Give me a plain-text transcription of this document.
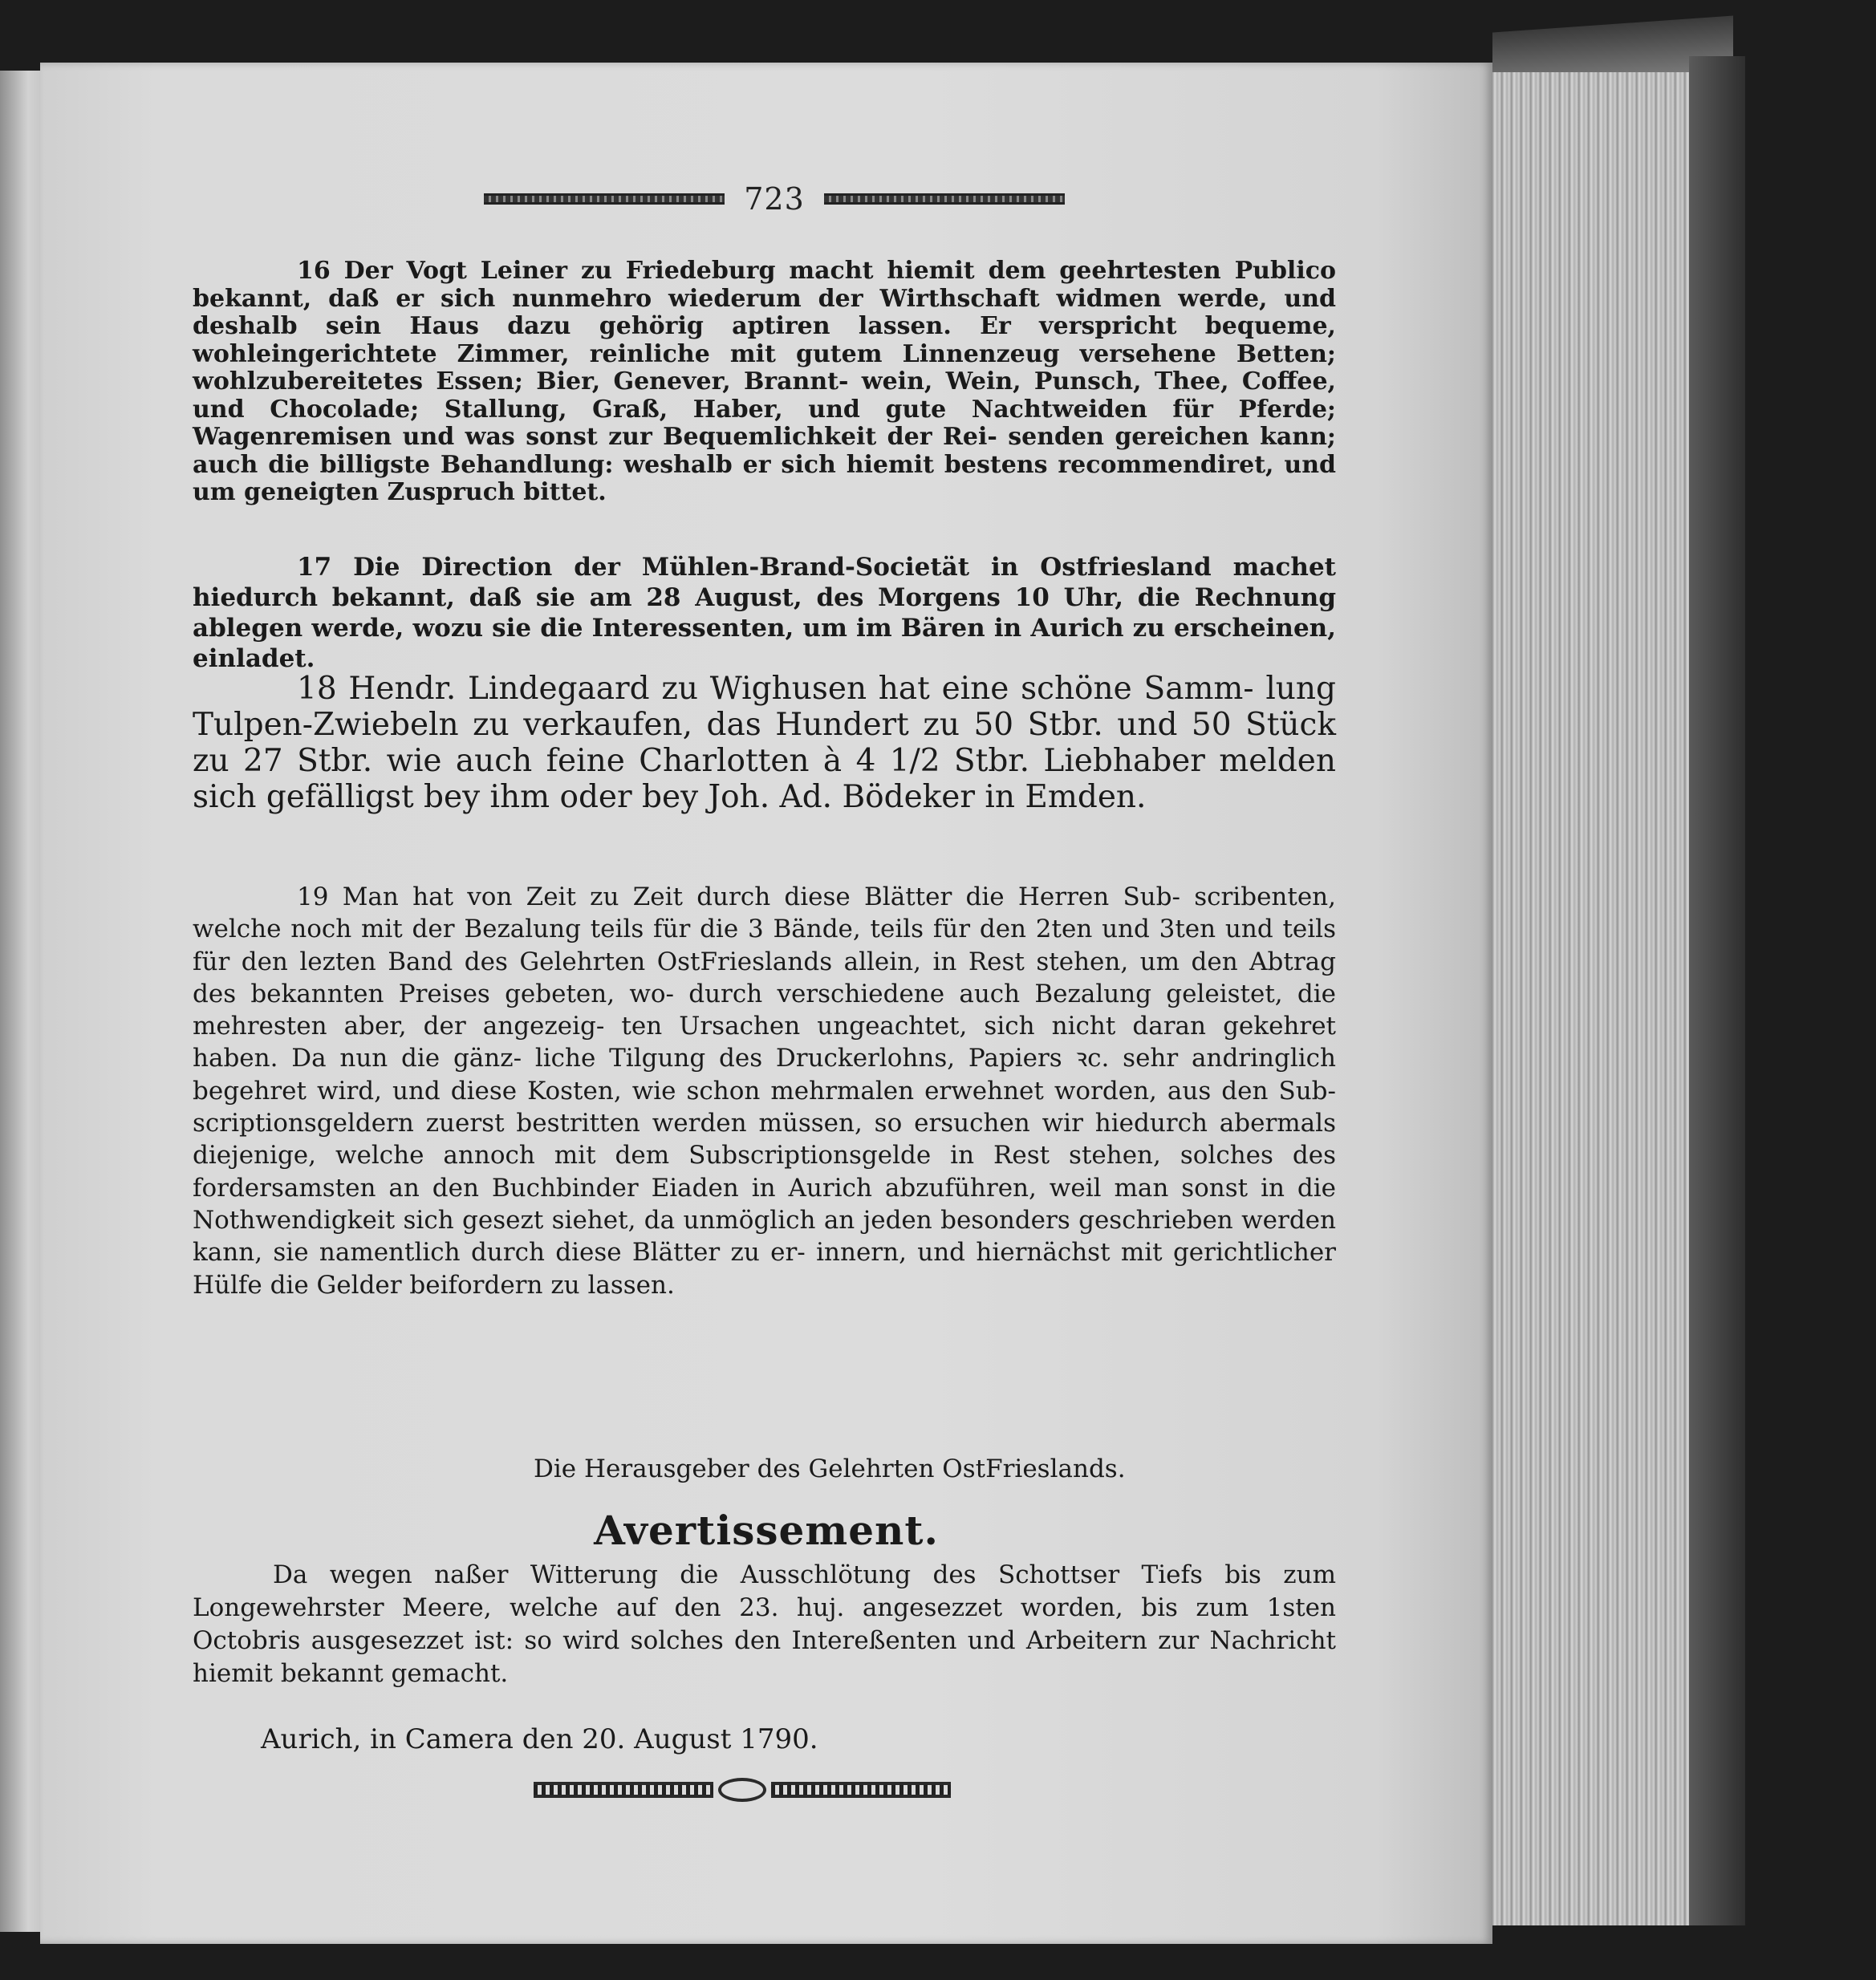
723
16 Der Vogt Leiner zu Friedeburg macht hiemit dem geehrtesten Publico bekannt, daß er sich nunmehro wiederum der Wirthschaft widmen werde, und deshalb sein Haus dazu gehörig aptiren lassen. Er verspricht bequeme, wohleingerichtete Zimmer, reinliche mit gutem Linnenzeug versehene Betten; wohlzubereitetes Essen; Bier, Genever, Brannt- wein, Wein, Punsch, Thee, Coffee, und Chocolade; Stallung, Graß, Haber, und gute Nachtweiden für Pferde; Wagenremisen und was sonst zur Bequemlichkeit der Rei- senden gereichen kann; auch die billigste Behandlung: weshalb er sich hiemit bestens recommendiret, und um geneigten Zuspruch bittet.
17 Die Direction der Mühlen-Brand-Societät in Ostfriesland machet hiedurch bekannt, daß sie am 28 August, des Morgens 10 Uhr, die Rechnung ablegen werde, wozu sie die Interessenten, um im Bären in Aurich zu erscheinen, einladet.
18 Hendr. Lindegaard zu Wighusen hat eine schöne Samm- lung Tulpen-Zwiebeln zu verkaufen, das Hundert zu 50 Stbr. und 50 Stück zu 27 Stbr. wie auch feine Charlotten à 4 1/2 Stbr. Liebhaber melden sich gefälligst bey ihm oder bey Joh. Ad. Bödeker in Emden.
19 Man hat von Zeit zu Zeit durch diese Blätter die Herren Sub- scribenten, welche noch mit der Bezalung teils für die 3 Bände, teils für den 2ten und 3ten und teils für den lezten Band des Gelehrten OstFrieslands allein, in Rest stehen, um den Abtrag des bekannten Preises gebeten, wo- durch verschiedene auch Bezalung geleistet, die mehresten aber, der angezeig- ten Ursachen ungeachtet, sich nicht daran gekehret haben. Da nun die gänz- liche Tilgung des Druckerlohns, Papiers ꝛc. sehr andringlich begehret wird, und diese Kosten, wie schon mehrmalen erwehnet worden, aus den Sub- scriptionsgeldern zuerst bestritten werden müssen, so ersuchen wir hiedurch abermals diejenige, welche annoch mit dem Subscriptionsgelde in Rest stehen, solches des fordersamsten an den Buchbinder Eiaden in Aurich abzuführen, weil man sonst in die Nothwendigkeit sich gesezt siehet, da unmöglich an jeden besonders geschrieben werden kann, sie namentlich durch diese Blätter zu er- innern, und hiernächst mit gerichtlicher Hülfe die Gelder beifordern zu lassen.
Die Herausgeber des Gelehrten OstFrieslands.
Avertissement.
Da wegen naßer Witterung die Ausschlötung des Schottser Tiefs bis zum Longewehrster Meere, welche auf den 23. huj. angesezzet worden, bis zum 1sten Octobris ausgesezzet ist: so wird solches den Intereßenten und Arbeitern zur Nachricht hiemit bekannt gemacht.
Aurich, in Camera den 20. August 1790.
